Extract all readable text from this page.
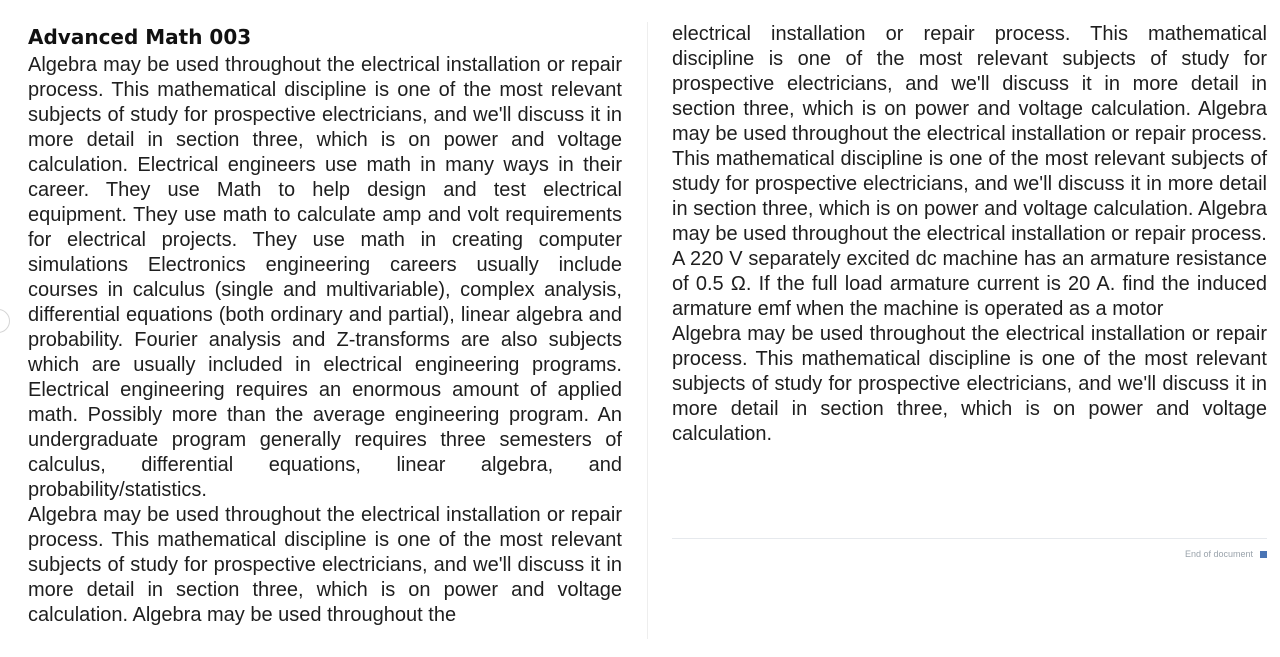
Advanced Math 003

Algebra may be used throughout the electrical installation or repair process. This mathematical discipline is one of the most relevant subjects of study for prospective electricians, and we'll discuss it in more detail in section three, which is on power and voltage calculation. Electrical engineers use math in many ways in their career. They use Math to help design and test electrical equipment. They use math to calculate amp and volt requirements for electrical projects. They use math in creating computer simulations Electronics engineering careers usually include courses in calculus (single and multivariable), complex analysis, differential equations (both ordinary and partial), linear algebra and probability. Fourier analysis and Z-transforms are also subjects which are usually included in electrical engineering programs. Electrical engineering requires an enormous amount of applied math. Possibly more than the average engineering program. An undergraduate program generally requires three semesters of calculus, differential equations, linear algebra, and probability/statistics.

Algebra may be used throughout the electrical installation or repair process. This mathematical discipline is one of the most relevant subjects of study for prospective electricians, and we'll discuss it in more detail in section three, which is on power and voltage calculation. Algebra may be used throughout the

electrical installation or repair process. This mathematical discipline is one of the most relevant subjects of study for prospective electricians, and we'll discuss it in more detail in section three, which is on power and voltage calculation. Algebra may be used throughout the electrical installation or repair process. This mathematical discipline is one of the most relevant subjects of study for prospective electricians, and we'll discuss it in more detail in section three, which is on power and voltage calculation. Algebra may be used throughout the electrical installation or repair process.

A 220 V separately excited dc machine has an armature resistance of 0.5 Ω. If the full load armature current is 20 A. find the induced armature emf when the machine is operated as a motor

Algebra may be used throughout the electrical installation or repair process. This mathematical discipline is one of the most relevant subjects of study for prospective electricians, and we'll discuss it in more detail in section three, which is on power and voltage calculation.

End of document
